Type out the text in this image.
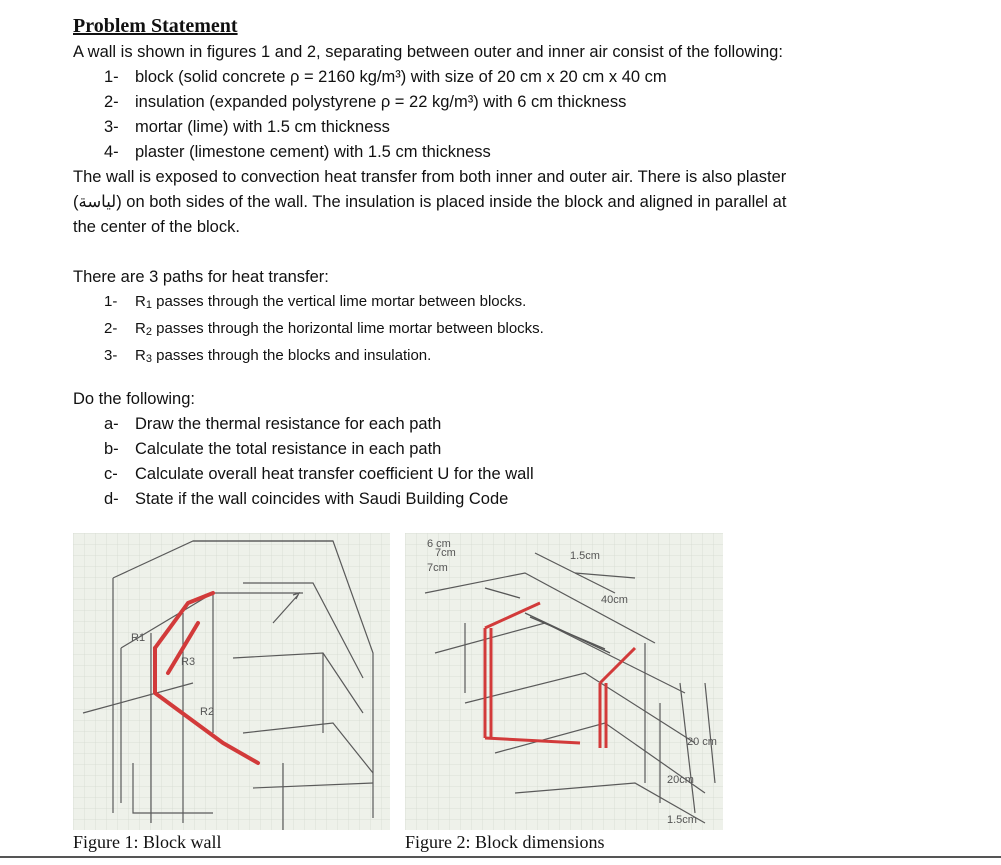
Problem Statement
A wall is shown in figures 1 and 2, separating between outer and inner air consist of the following:
1- block (solid concrete ρ = 2160 kg/m³) with size of 20 cm x 20 cm x 40 cm
2- insulation (expanded polystyrene ρ = 22 kg/m³) with 6 cm thickness
3- mortar (lime) with 1.5 cm thickness
4- plaster (limestone cement) with 1.5 cm thickness
The wall is exposed to convection heat transfer from both inner and outer air. There is also plaster
(لياسة) on both sides of the wall. The insulation is placed inside the block and aligned in parallel at
the center of the block.
There are 3 paths for heat transfer:
1-	R1 passes through the vertical lime mortar between blocks.
2-	R2 passes through the horizontal lime mortar between blocks.
3-	R3 passes through the blocks and insulation.
Do the following:
a- Draw the thermal resistance for each path
b- Calculate the total resistance in each path
c-	Calculate overall heat transfer coefficient U for the wall
d- State if the wall coincides with Saudi Building Code
R1
R3
R2
Figure 1: Block wall
7cm
6 cm
7cm
1.5cm
40cm
20 cm
20cm
1.5cm
Figure 2: Block dimensions
